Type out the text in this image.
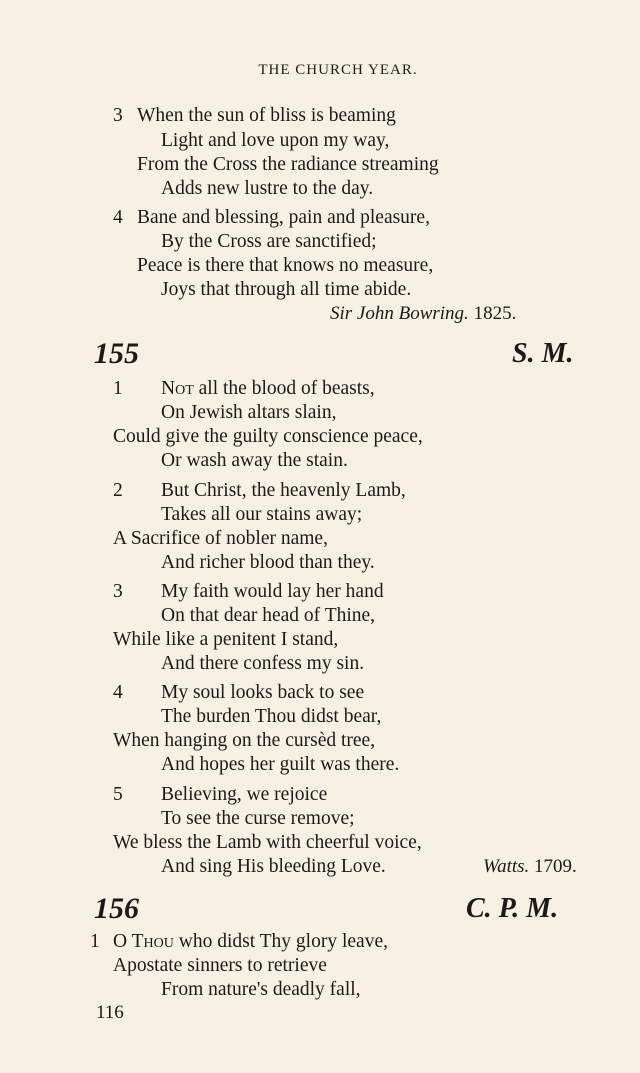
THE CHURCH YEAR.
3 When the sun of bliss is beaming
Light and love upon my way,
From the Cross the radiance streaming
Adds new lustre to the day.
4 Bane and blessing, pain and pleasure,
By the Cross are sanctified;
Peace is there that knows no measure,
Joys that through all time abide.
Sir John Bowring. 1825.
155	S. M.
1 Not all the blood of beasts,
On Jewish altars slain,
Could give the guilty conscience peace,
Or wash away the stain.
2 But Christ, the heavenly Lamb,
Takes all our stains away;
A Sacrifice of nobler name,
And richer blood than they.
3 My faith would lay her hand
On that dear head of Thine,
While like a penitent I stand,
And there confess my sin.
4 My soul looks back to see
The burden Thou didst bear,
When hanging on the cursèd tree,
And hopes her guilt was there.
5 Believing, we rejoice
To see the curse remove;
We bless the Lamb with cheerful voice,
And sing His bleeding Love.	Watts. 1709.
156	C. P. M.
1 O Thou who didst Thy glory leave,
Apostate sinners to retrieve
From nature's deadly fall,
116
